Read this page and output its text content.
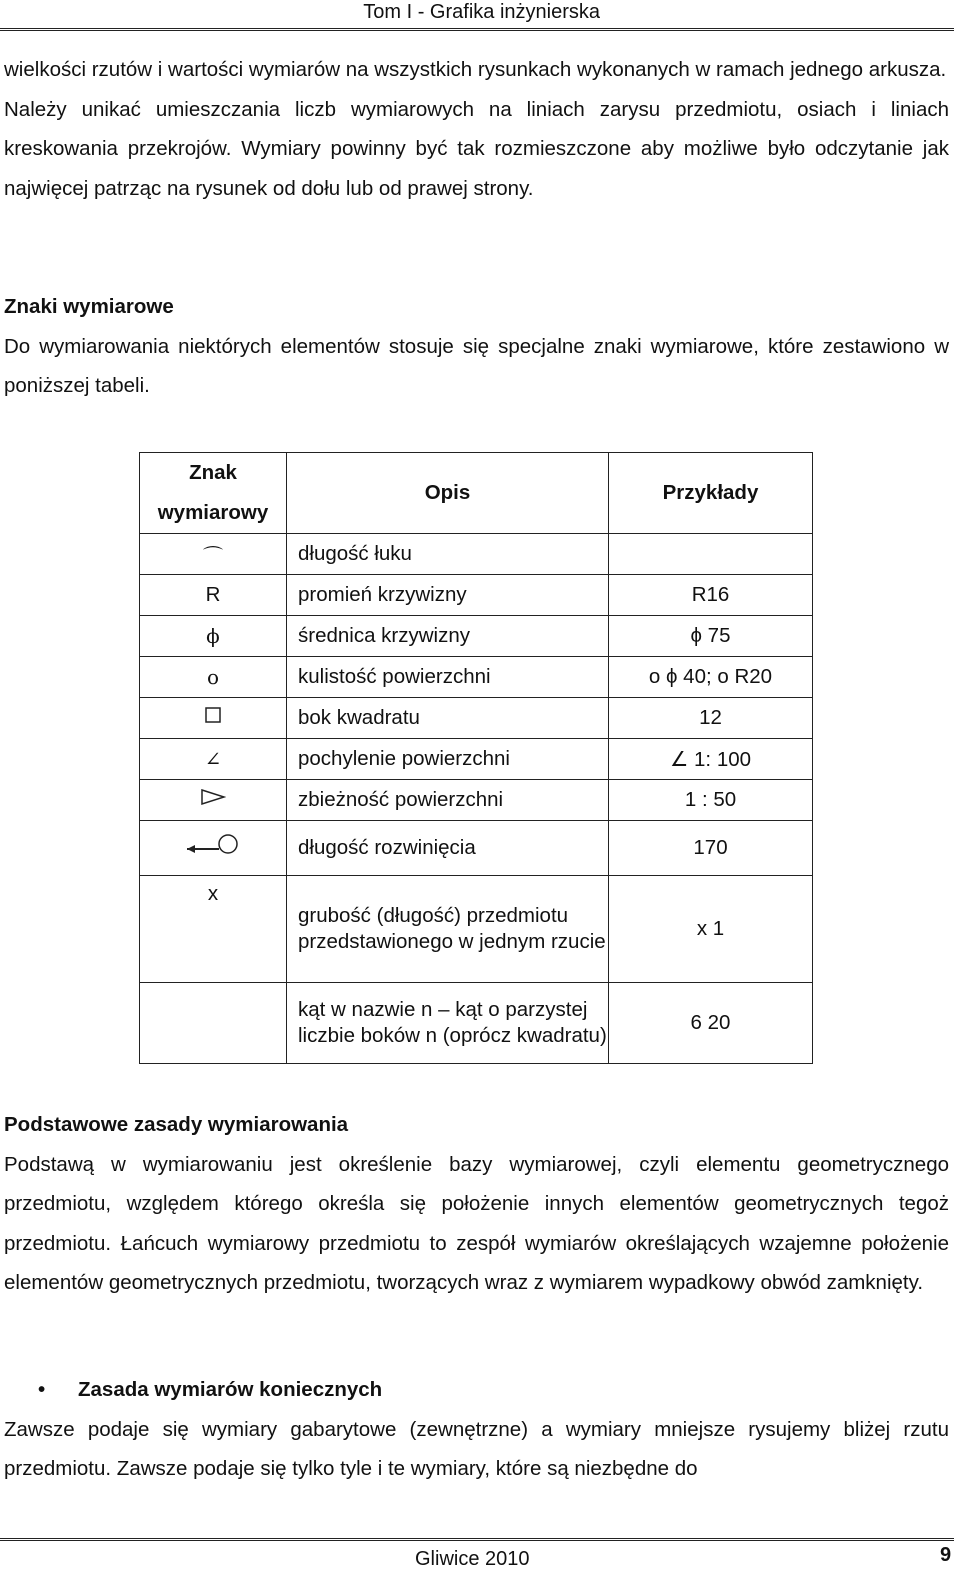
Tom I - Grafika inżynierska

wielkości rzutów i wartości wymiarów na wszystkich rysunkach wykonanych w ramach jednego arkusza.

Należy unikać umieszczania liczb wymiarowych na liniach zarysu przedmiotu, osiach i liniach kreskowania przekrojów. Wymiary powinny być tak rozmieszczone aby możliwe było odczytanie jak najwięcej patrząc na rysunek od dołu lub od prawej strony.

Znaki wymiarowe

Do wymiarowania niektórych elementów stosuje się specjalne znaki wymiarowe, które zestawiono w poniższej tabeli.

Znak wymiarowy	Opis	Przykłady
⌒	długość łuku	
R	promień krzywizny	R16
ϕ	średnica krzywizny	ϕ 75
ο	kulistość powierzchni	ο ϕ 40; ο R20
	bok kwadratu	12
∠	pochylenie powierzchni	∠ 1: 100
	zbieżność powierzchni	1 : 50
	długość rozwinięcia	170
x	grubość (długość) przedmiotu przedstawionego w jednym rzucie	x 1
	kąt w nazwie n – kąt o parzystej liczbie boków n (oprócz kwadratu)	6 20

Podstawowe zasady wymiarowania

Podstawą w wymiarowaniu jest określenie bazy wymiarowej, czyli elementu geometrycznego przedmiotu, względem którego określa się położenie innych elementów geometrycznych tegoż przedmiotu. Łańcuch wymiarowy przedmiotu to zespół wymiarów określających wzajemne położenie elementów geometrycznych przedmiotu, tworzących wraz z wymiarem wypadkowy obwód zamknięty.

• Zasada wymiarów koniecznych

Zawsze podaje się wymiary gabarytowe (zewnętrzne) a wymiary mniejsze rysujemy bliżej rzutu przedmiotu. Zawsze podaje się tylko tyle i te wymiary, które są niezbędne do

Gliwice 2010	9
